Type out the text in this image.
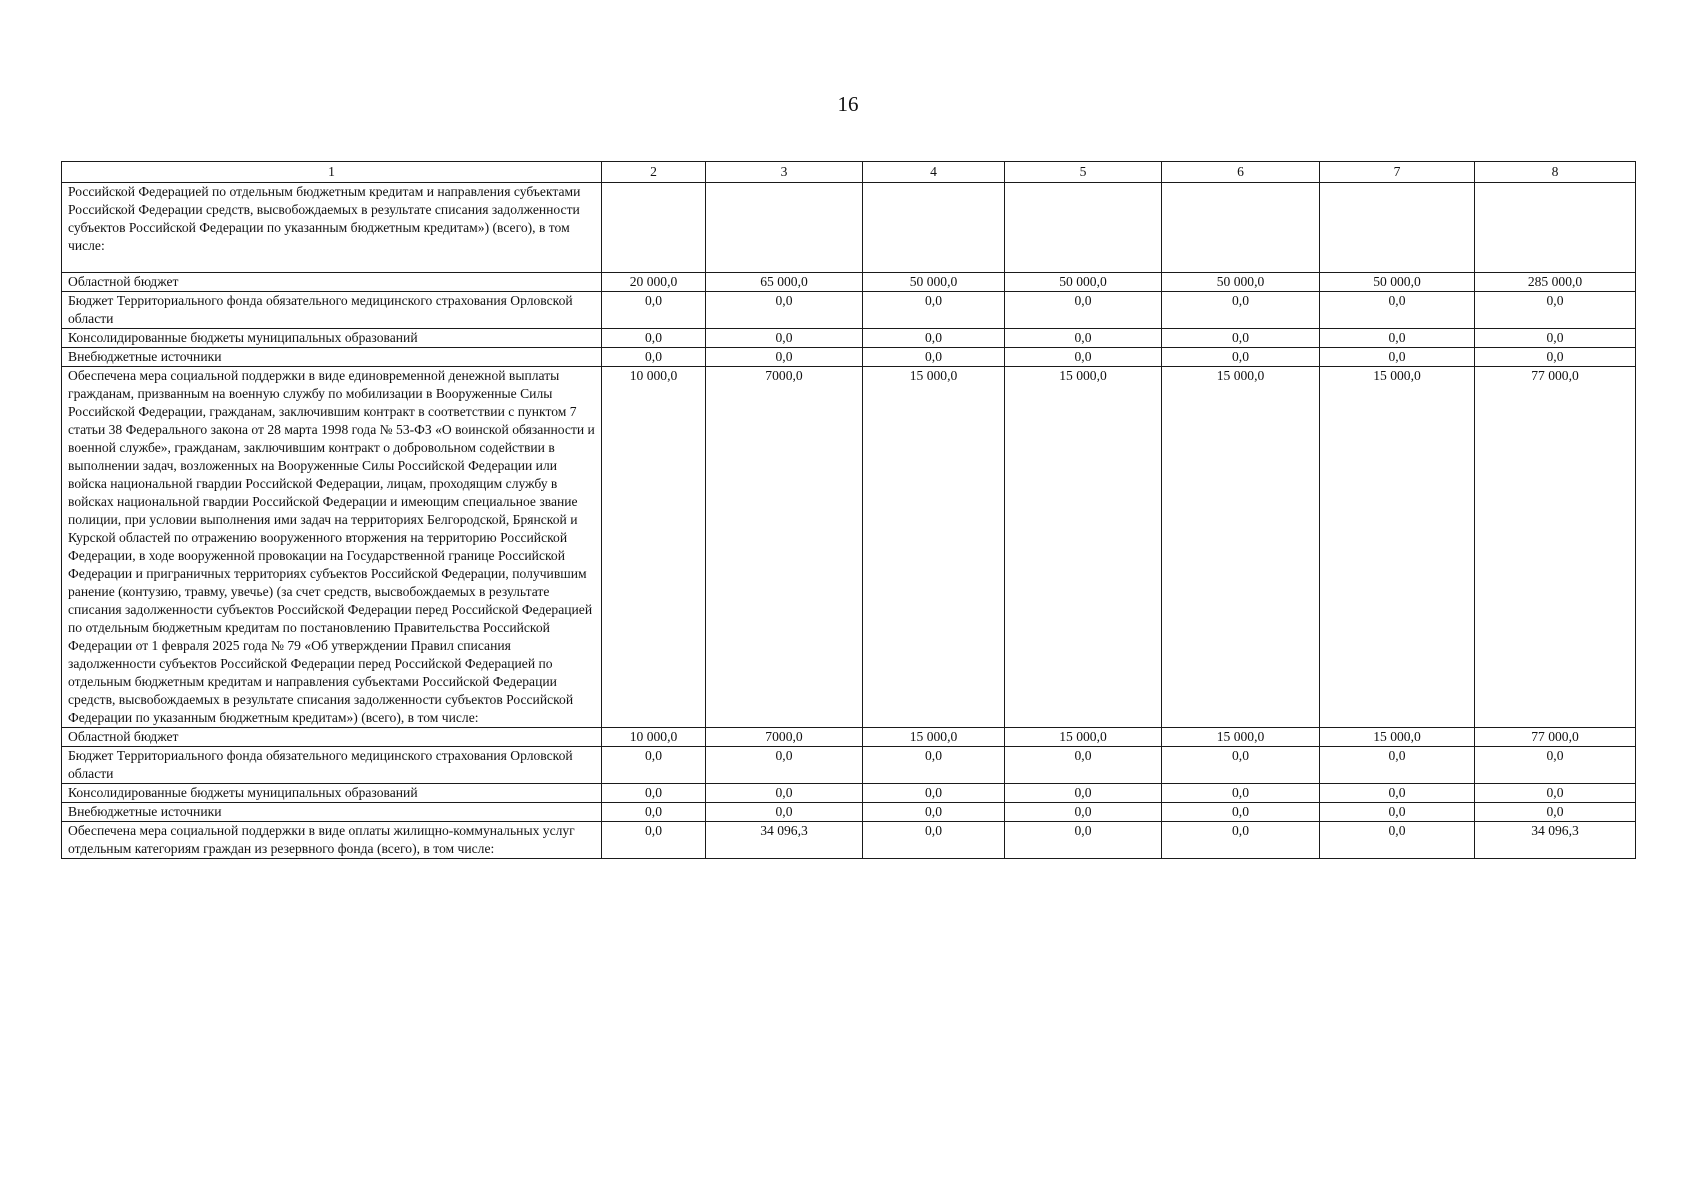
16
1	2	3	4	5	6	7	8
Российской Федерацией по отдельным бюджетным кредитам и направления субъектами Российской Федерации средств, высвобождаемых в результате списания задолженности субъектов Российской Федерации по указанным бюджетным кредитам») (всего), в том числе:							
Областной бюджет	20 000,0	65 000,0	50 000,0	50 000,0	50 000,0	50 000,0	285 000,0
Бюджет Территориального фонда обязательного медицинского страхования Орловской области	0,0	0,0	0,0	0,0	0,0	0,0	0,0
Консолидированные бюджеты муниципальных образований	0,0	0,0	0,0	0,0	0,0	0,0	0,0
Внебюджетные источники	0,0	0,0	0,0	0,0	0,0	0,0	0,0
Обеспечена мера социальной поддержки в виде единовременной денежной выплаты гражданам, призванным на военную службу по мобилизации в Вооруженные Силы Российской Федерации, гражданам, заключившим контракт в соответствии с пунктом 7 статьи 38 Федерального закона от 28 марта 1998 года № 53-ФЗ «О воинской обязанности и военной службе», гражданам, заключившим контракт о добровольном содействии в выполнении задач, возложенных на Вооруженные Силы Российской Федерации или войска национальной гвардии Российской Федерации, лицам, проходящим службу в войсках национальной гвардии Российской Федерации и имеющим специальное звание полиции, при условии выполнения ими задач на территориях Белгородской, Брянской и Курской областей по отражению вооруженного вторжения на территорию Российской Федерации, в ходе вооруженной провокации на Государственной границе Российской Федерации и приграничных территориях субъектов Российской Федерации, получившим ранение (контузию, травму, увечье) (за счет средств, высвобождаемых в результате списания задолженности субъектов Российской Федерации перед Российской Федерацией по отдельным бюджетным кредитам по постановлению Правительства Российской Федерации от 1 февраля 2025 года № 79 «Об утверждении Правил списания задолженности субъектов Российской Федерации перед Российской Федерацией по отдельным бюджетным кредитам и направления субъектами Российской Федерации средств, высвобождаемых в результате списания задолженности субъектов Российской Федерации по указанным бюджетным кредитам») (всего), в том числе:	10 000,0	7000,0	15 000,0	15 000,0	15 000,0	15 000,0	77 000,0
Областной бюджет	10 000,0	7000,0	15 000,0	15 000,0	15 000,0	15 000,0	77 000,0
Бюджет Территориального фонда обязательного медицинского страхования Орловской области	0,0	0,0	0,0	0,0	0,0	0,0	0,0
Консолидированные бюджеты муниципальных образований	0,0	0,0	0,0	0,0	0,0	0,0	0,0
Внебюджетные источники	0,0	0,0	0,0	0,0	0,0	0,0	0,0
Обеспечена мера социальной поддержки в виде оплаты жилищно-коммунальных услуг отдельным категориям граждан из резервного фонда (всего), в том числе:	0,0	34 096,3	0,0	0,0	0,0	0,0	34 096,3
